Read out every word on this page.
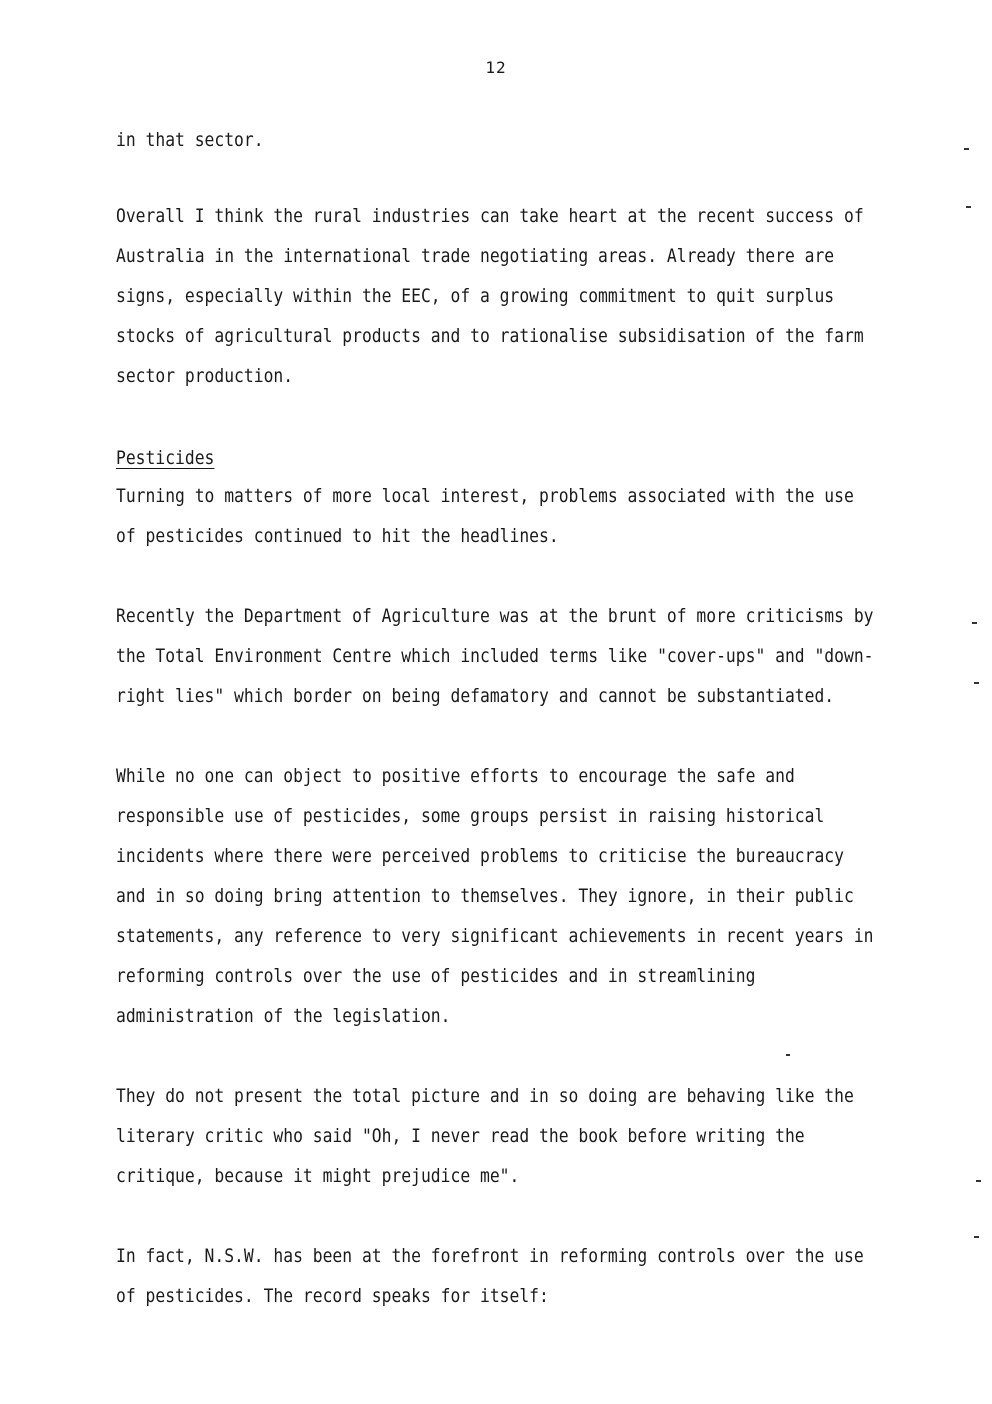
12
in that sector.
Overall I think the rural industries can take heart at the recent success of
Australia in the international trade negotiating areas. Already there are
signs, especially within the EEC, of a growing commitment to quit surplus
stocks of agricultural products and to rationalise subsidisation of the farm
sector production.
Pesticides
Turning to matters of more local interest, problems associated with the use
of pesticides continued to hit the headlines.
Recently the Department of Agriculture was at the brunt of more criticisms by
the Total Environment Centre which included terms like "cover-ups" and "down-
right lies" which border on being defamatory and cannot be substantiated.
While no one can object to positive efforts to encourage the safe and
responsible use of pesticides, some groups persist in raising historical
incidents where there were perceived problems to criticise the bureaucracy
and in so doing bring attention to themselves. They ignore, in their public
statements, any reference to very significant achievements in recent years in
reforming controls over the use of pesticides and in streamlining
administration of the legislation.
They do not present the total picture and in so doing are behaving like the
literary critic who said "Oh, I never read the book before writing the
critique, because it might prejudice me".
In fact, N.S.W. has been at the forefront in reforming controls over the use
of pesticides. The record speaks for itself:
